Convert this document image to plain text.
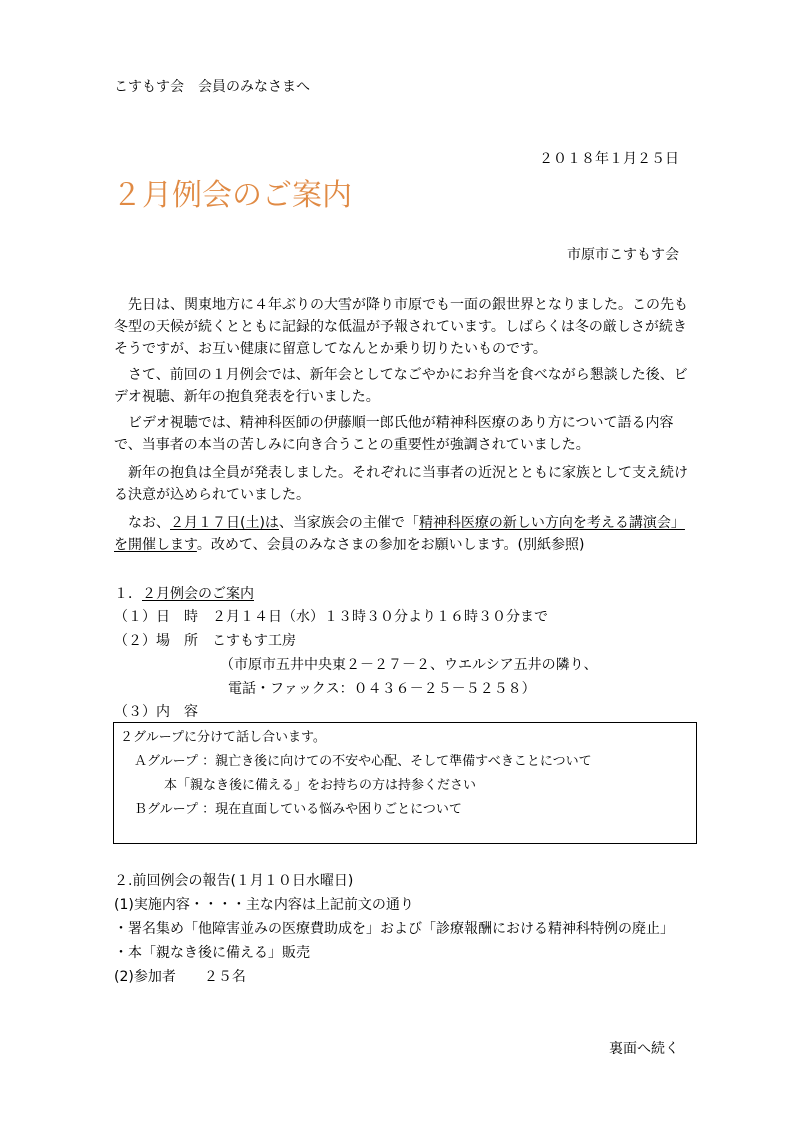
こすもす会　会員のみなさまへ
２０１８年１月２５日
２月例会のご案内
市原市こすもす会
　先日は、関東地方に４年ぶりの大雪が降り市原でも一面の銀世界となりました。この先も冬型の天候が続くとともに記録的な低温が予報されています。しばらくは冬の厳しさが続きそうですが、お互い健康に留意してなんとか乗り切りたいものです。
　さて、前回の１月例会では、新年会としてなごやかにお弁当を食べながら懇談した後、ビデオ視聴、新年の抱負発表を行いました。
　ビデオ視聴では、精神科医師の伊藤順一郎氏他が精神科医療のあり方について語る内容で、当事者の本当の苦しみに向き合うことの重要性が強調されていました。
　新年の抱負は全員が発表しました。それぞれに当事者の近況とともに家族として支え続ける決意が込められていました。
　なお、２月１７日(土)は、当家族会の主催で「精神科医療の新しい方向を考える講演会」を開催します。改めて、会員のみなさまの参加をお願いします。(別紙参照)
１．２月例会のご案内
（１）日　時　 ２月１４日（水）１３時３０分より１６時３０分まで
（２）場　所　 こすもす工房
（市原市五井中央東２－２７－２、ウエルシア五井の隣り、
電話・ファックス：０４３６－２５－５２５８）
（３）内　容
２グループに分けて話し合います。
Ａグループ ：親亡き後に向けての不安や心配、そして準備すべきことについて
本「親なき後に備える」をお持ちの方は持参ください
Ｂグループ ：現在直面している悩みや困りごとについて
２.前回例会の報告(１月１０日水曜日)
(1)実施内容・・・・主な内容は上記前文の通り
・署名集め「他障害並みの医療費助成を」および「診療報酬における精神科特例の廃止」
・本「親なき後に備える」販売
(2)参加者　　２５名
裏面へ続く
